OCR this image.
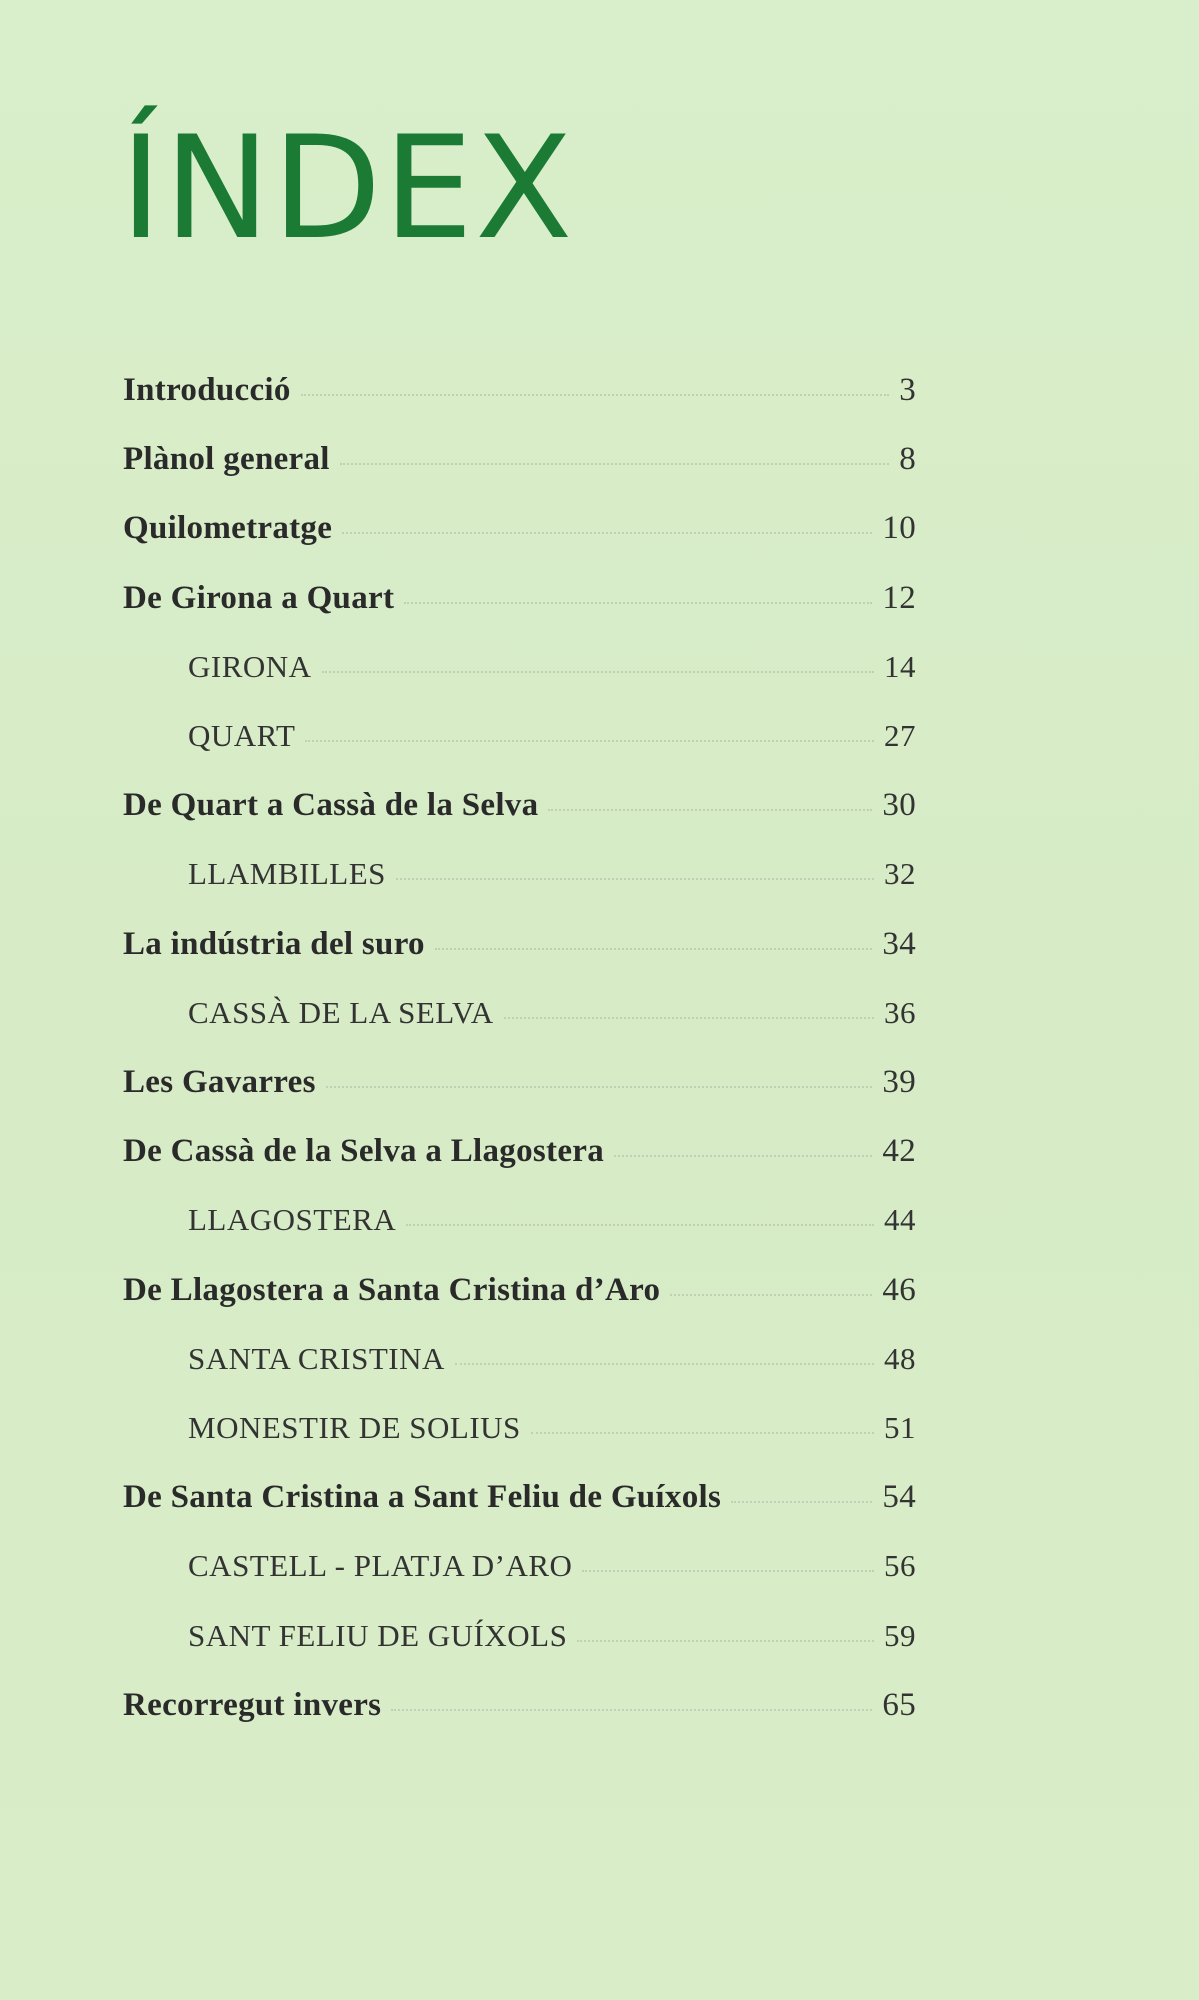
ÍNDEX
Introducció	3
Plànol general	8
Quilometratge	10
De Girona a Quart	12
GIRONA	14
QUART	27
De Quart a Cassà de la Selva	30
LLAMBILLES	32
La indústria del suro	34
CASSÀ DE LA SELVA	36
Les Gavarres	39
De Cassà de la Selva a Llagostera	42
LLAGOSTERA	44
De Llagostera a Santa Cristina d’Aro	46
SANTA CRISTINA	48
MONESTIR DE SOLIUS	51
De Santa Cristina a Sant Feliu de Guíxols	54
CASTELL - PLATJA D’ARO	56
SANT FELIU DE GUÍXOLS	59
Recorregut invers	65
